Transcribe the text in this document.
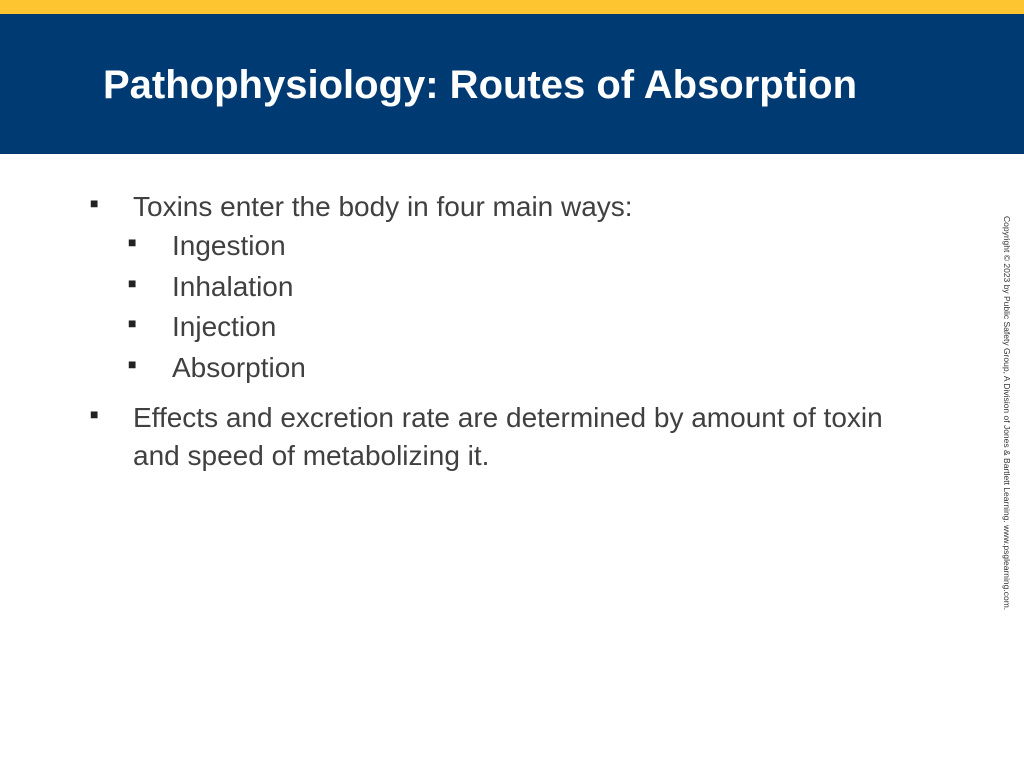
Pathophysiology: Routes of Absorption
■ Toxins enter the body in four main ways:
■ Ingestion
■ Inhalation
■ Injection
■ Absorption
■ Effects and excretion rate are determined by amount of toxin and speed of metabolizing it.	Copyright © 2023 by Public Safety Group, A Division of Jones & Bartlett Learning. www.psglearning.com.
